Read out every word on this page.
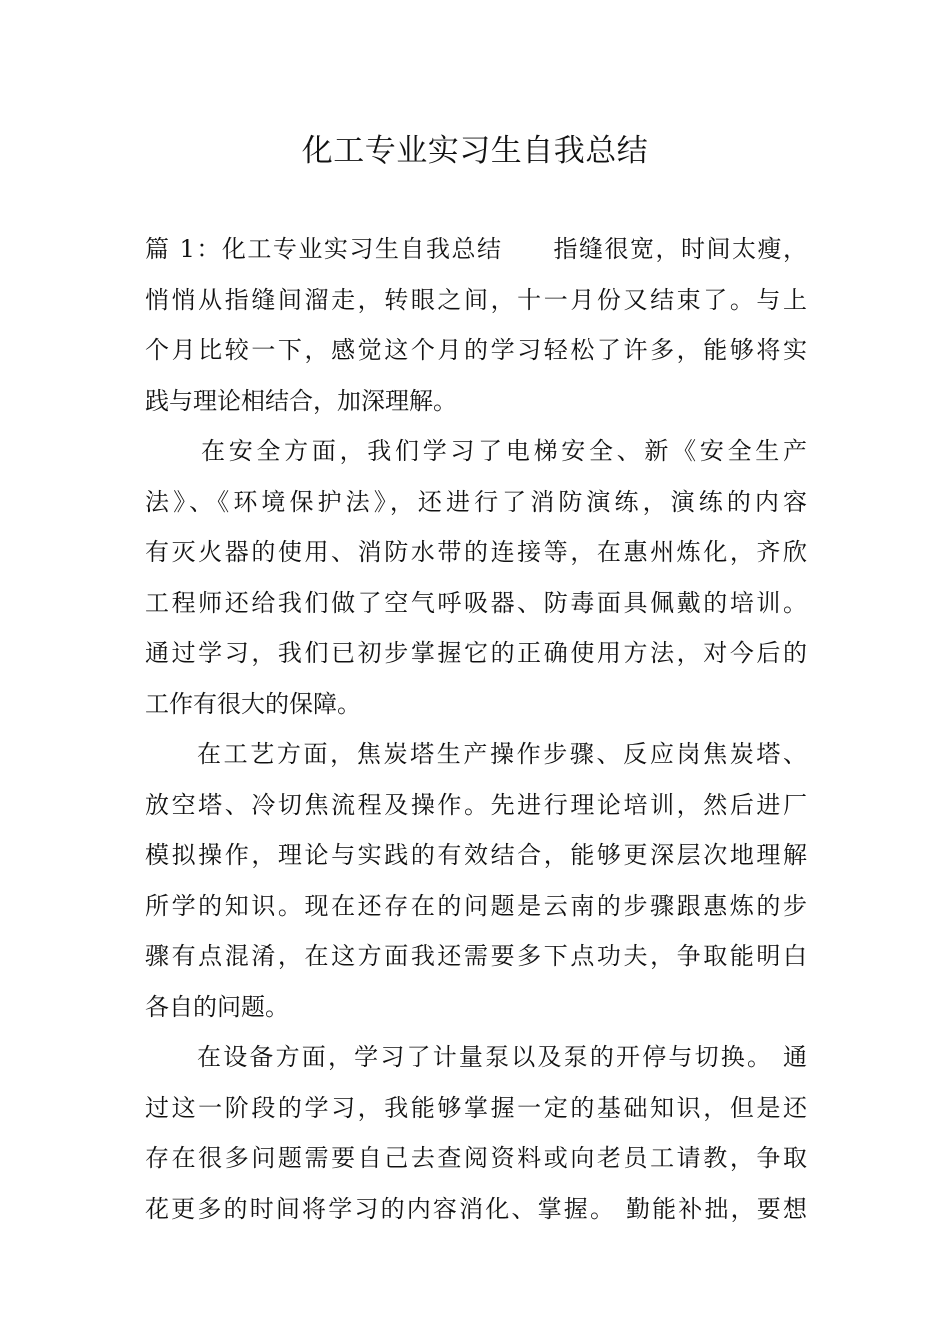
化工专业实习生自我总结
篇 1：化工专业实习生自我总结　　指缝很宽，时间太瘦，
悄悄从指缝间溜走，转眼之间，十一月份又结束了。与上
个月比较一下，感觉这个月的学习轻松了许多，能够将实
践与理论相结合，加深理解。
在安全方面，我们学习了电梯安全、新《安全生产
法》、《环境保护法》，还进行了消防演练，演练的内容
有灭火器的使用、消防水带的连接等，在惠州炼化，齐欣
工程师还给我们做了空气呼吸器、防毒面具佩戴的培训。
通过学习，我们已初步掌握它的正确使用方法，对今后的
工作有很大的保障。
在工艺方面，焦炭塔生产操作步骤、反应岗焦炭塔、
放空塔、冷切焦流程及操作。先进行理论培训，然后进厂
模拟操作，理论与实践的有效结合，能够更深层次地理解
所学的知识。现在还存在的问题是云南的步骤跟惠炼的步
骤有点混淆，在这方面我还需要多下点功夫，争取能明白
各自的问题。
在设备方面，学习了计量泵以及泵的开停与切换。 通
过这一阶段的学习，我能够掌握一定的基础知识，但是还
存在很多问题需要自己去查阅资料或向老员工请教，争取
花更多的时间将学习的内容消化、掌握。 勤能补拙，要想
